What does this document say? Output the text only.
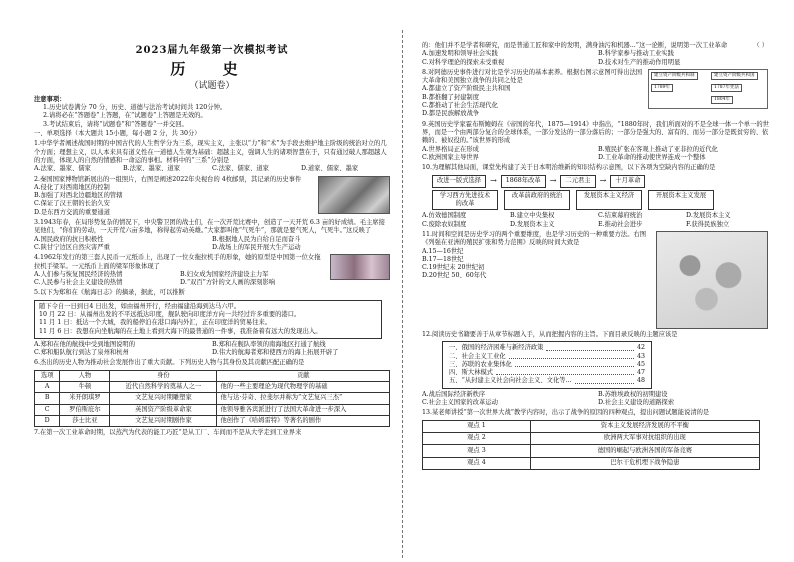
2023届九年级第一次模拟考试
历 史
（试题卷）
注意事项：
1.历史试卷满分 70 分，历史、道德与法治考试时间共 120分钟。
2.请将必在“答题卷”上答题，在“试题卷”上答题是无效的。
3.考试结束后，请将“试题卷”和“答题卷”一并交回。
一、单项选择（本大题共 15小题，每小题 2 分，共 30分）
1.中华学者阐述战国时期的中国古代的人生哲学分为三系，现实主义，主张以“力”和“术”为手段去维护地主阶级的统治对立的几个方面；理想主义，以人本来具有道义性在一道德人生观为基础：超越主义，强调人生的诸项智慧在于，只有通过破人那超越人的方面，体现人的自然的情感和一命运的事相。材料中的“三系”分别是
A.法家、墨家、儒家	B.法家、墨家、道家	C.法家、儒家、道家	D.道家、儒家、墨家
2.秦国国家博物馆新展出的一组照片，右图是阐述2022年央视台的 4枚邮票，其记录的历史事件
A.侵化了对西南地区的控制
B.加强了对西北边疆地区的管辖
C.保证了汉王朝的长治久安
D.是东西方交流的重要通道
3.1943年春，在局形势复杂的情况下，中央警卫团的战士们，在一次开荒比赛中，创造了一天开荒 6.3 亩的好成绩。毛主席接见他们，“你们的劳动，一天开荒六亩多地，称得起劳动英雄。”大家都叫他“气死牛”，那就是要气死人，气死牛。”这反映了
A.国民政府的抗日积极性	B.根据地人民为自给自足而奋斗
C.陕甘宁边区自然灾害严重	D.战场上的军民开展大生产运动
4.1962年发行的第三套人民币一元纸币上，出现了一位女拖拉机手的形象，她的原型是中国第一位女拖拉机手梁军。一元纸币上面的梁军形象体现了
A.人们参与恢复国民经济的热情	B.妇女成为国家经济建设主力军
C.人民参与社会主义建设的热情	D.“双百”方针的文人画的深刻影响
5.以下为郑和在《航海日志》的摘录，据此，可以推断
随下令自一日到日4 日出发，如由福州开行，经由福建沿海到达马六甲。
10 月 22 日：从福州出发的不平远抵达印度，舰队驶向印度洋方向一共经过许多重要的港口。
11 月 1 日：抵达一个大城，我的船停泊在港口海内外汇，正在印度洋的贸易往来。
11 月 6 日：我想在向坐航海的在土地上看到大海下的最普通的一件事，我准备着有远大的发现出入。
A.郑和在他的航线中受到地图说明的	B.郑和在舰队率领的南海地区打通了航线
C.郑和船队航行到达了泉州和杭州	D.伟大的航海者郑和使西方的海上拓展开辟了
6.杰出的历史人物为推动社会发展作出了重大贡献。下列历史人物与其身份及其贡献匹配正确的是
选项	人物	身份	贡献
A	牛顿	近代自然科学的奠基人之一	他的一些主要理论为现代物理学的基础
B	米开朗琪罗	文艺复兴时期雕塑家	他与达·芬奇、拉斐尔并称为“文艺复兴三杰”
C	罗伯斯庇尔	英国资产阶级革命家	他领导雅各宾派进行了法国大革命进一步深入
D	莎士比亚	文艺复兴时期剧作家	他创作了《哈姆雷特》等著名的剧作
7.在第一次工业革命时期，以蒸汽为代表的能工巧匠“是从工厂、车间而不是从大学走到工业界来
的：他们并不是学者和研究，而是普通工匠和家中的发明，满身油污和机器...”这一论断，说明第一次工业革命	（ ）
A.加速发明和领导社会实践	B.科学家参与推动工业实践
C.对科学理论的探索未受重视	D.技术对生产的推动作用明显
建立资产阶级共和制
1789年
建立资产阶级共和国
1787年宪法
1804年
8.对阿德历史事件进行对比是学习历史的基本素养。根据右图示意图可得出法国大革命和美国独立战争的共同之处是
A.都建立了资产阶级民主共和国
B.都推翻了封建制度
C.都推动了社会生活现代化
D.都是民族解放战争
9.英国历史学家霍布斯鲍姆在《帝国的年代，1875—1914》中指出，“1880年时，我们所面对的不是全球一体一个单一的世界，而是一个由两部分复合的全球体系，一部分发达的一部分落后的；一部分是强大的、富有的、而另一部分是既贫穷的、依赖的、被奴役的。”该世界的形成
A.世界格局正在形成	B.殖民扩张在客观上推动了亚非拉的近代化
C.欧洲国家主导世界	D.工业革命的推动使世界连成一个整体
10.为理解其他局面，课堂先构建了关于日本明治维新的知识结构示意图，以下各项为空缺内容的正确的是
改进一版式选择	→	1868年改革	→	二元君主	→	十月革命
学习西方先进技术的改革
改革前政府的统治	发展资本主义经济	开展资本主义发展
A.仿效德国制度	B.建立中央集权	C.结束幕府统治	D.发展资本主义
C.废除农奴制度	D.发展资本主义	E.推动社会进步	F.获得民族独立
11.时间和空间是历史学习的两个重要维度，也是学习历史的一种重要方法。右图《列强在亚洲的殖民扩张和势力范围》反映的时间大致是
A.15—16世纪
B.17—18世纪
C.19世纪末 20世纪初
D.20世纪 50、60年代
12.阅读历史书籍要善于从章节标题入手，从而把握内容的主旨。下面目录反映的主题应该是
一、俄国的经济困难与新经济政策	42
二、社会主义工业化	43
三、苏联的农业集体化	45
四、斯大林模式	47
五、“从封建主义社会向社会主义、文化等...	48
A.战后国际经济新秩序	B.苏维埃政权的初期建设
C.社会主义国家的改革运动	D.社会主义建设的道路探索
13.某老师讲授“第一次世界大战”教学内容时，出示了战争的原因的四种观点，提出问题试题能说清的是
观点 1	资本主义发展经济发展的不平衡
观点 2	欧洲两大军事对抗组织的出现
观点 3	德国的崛起与欧洲各国的军备竞赛
观点 4	巴尔干危机埋下战争隐患
